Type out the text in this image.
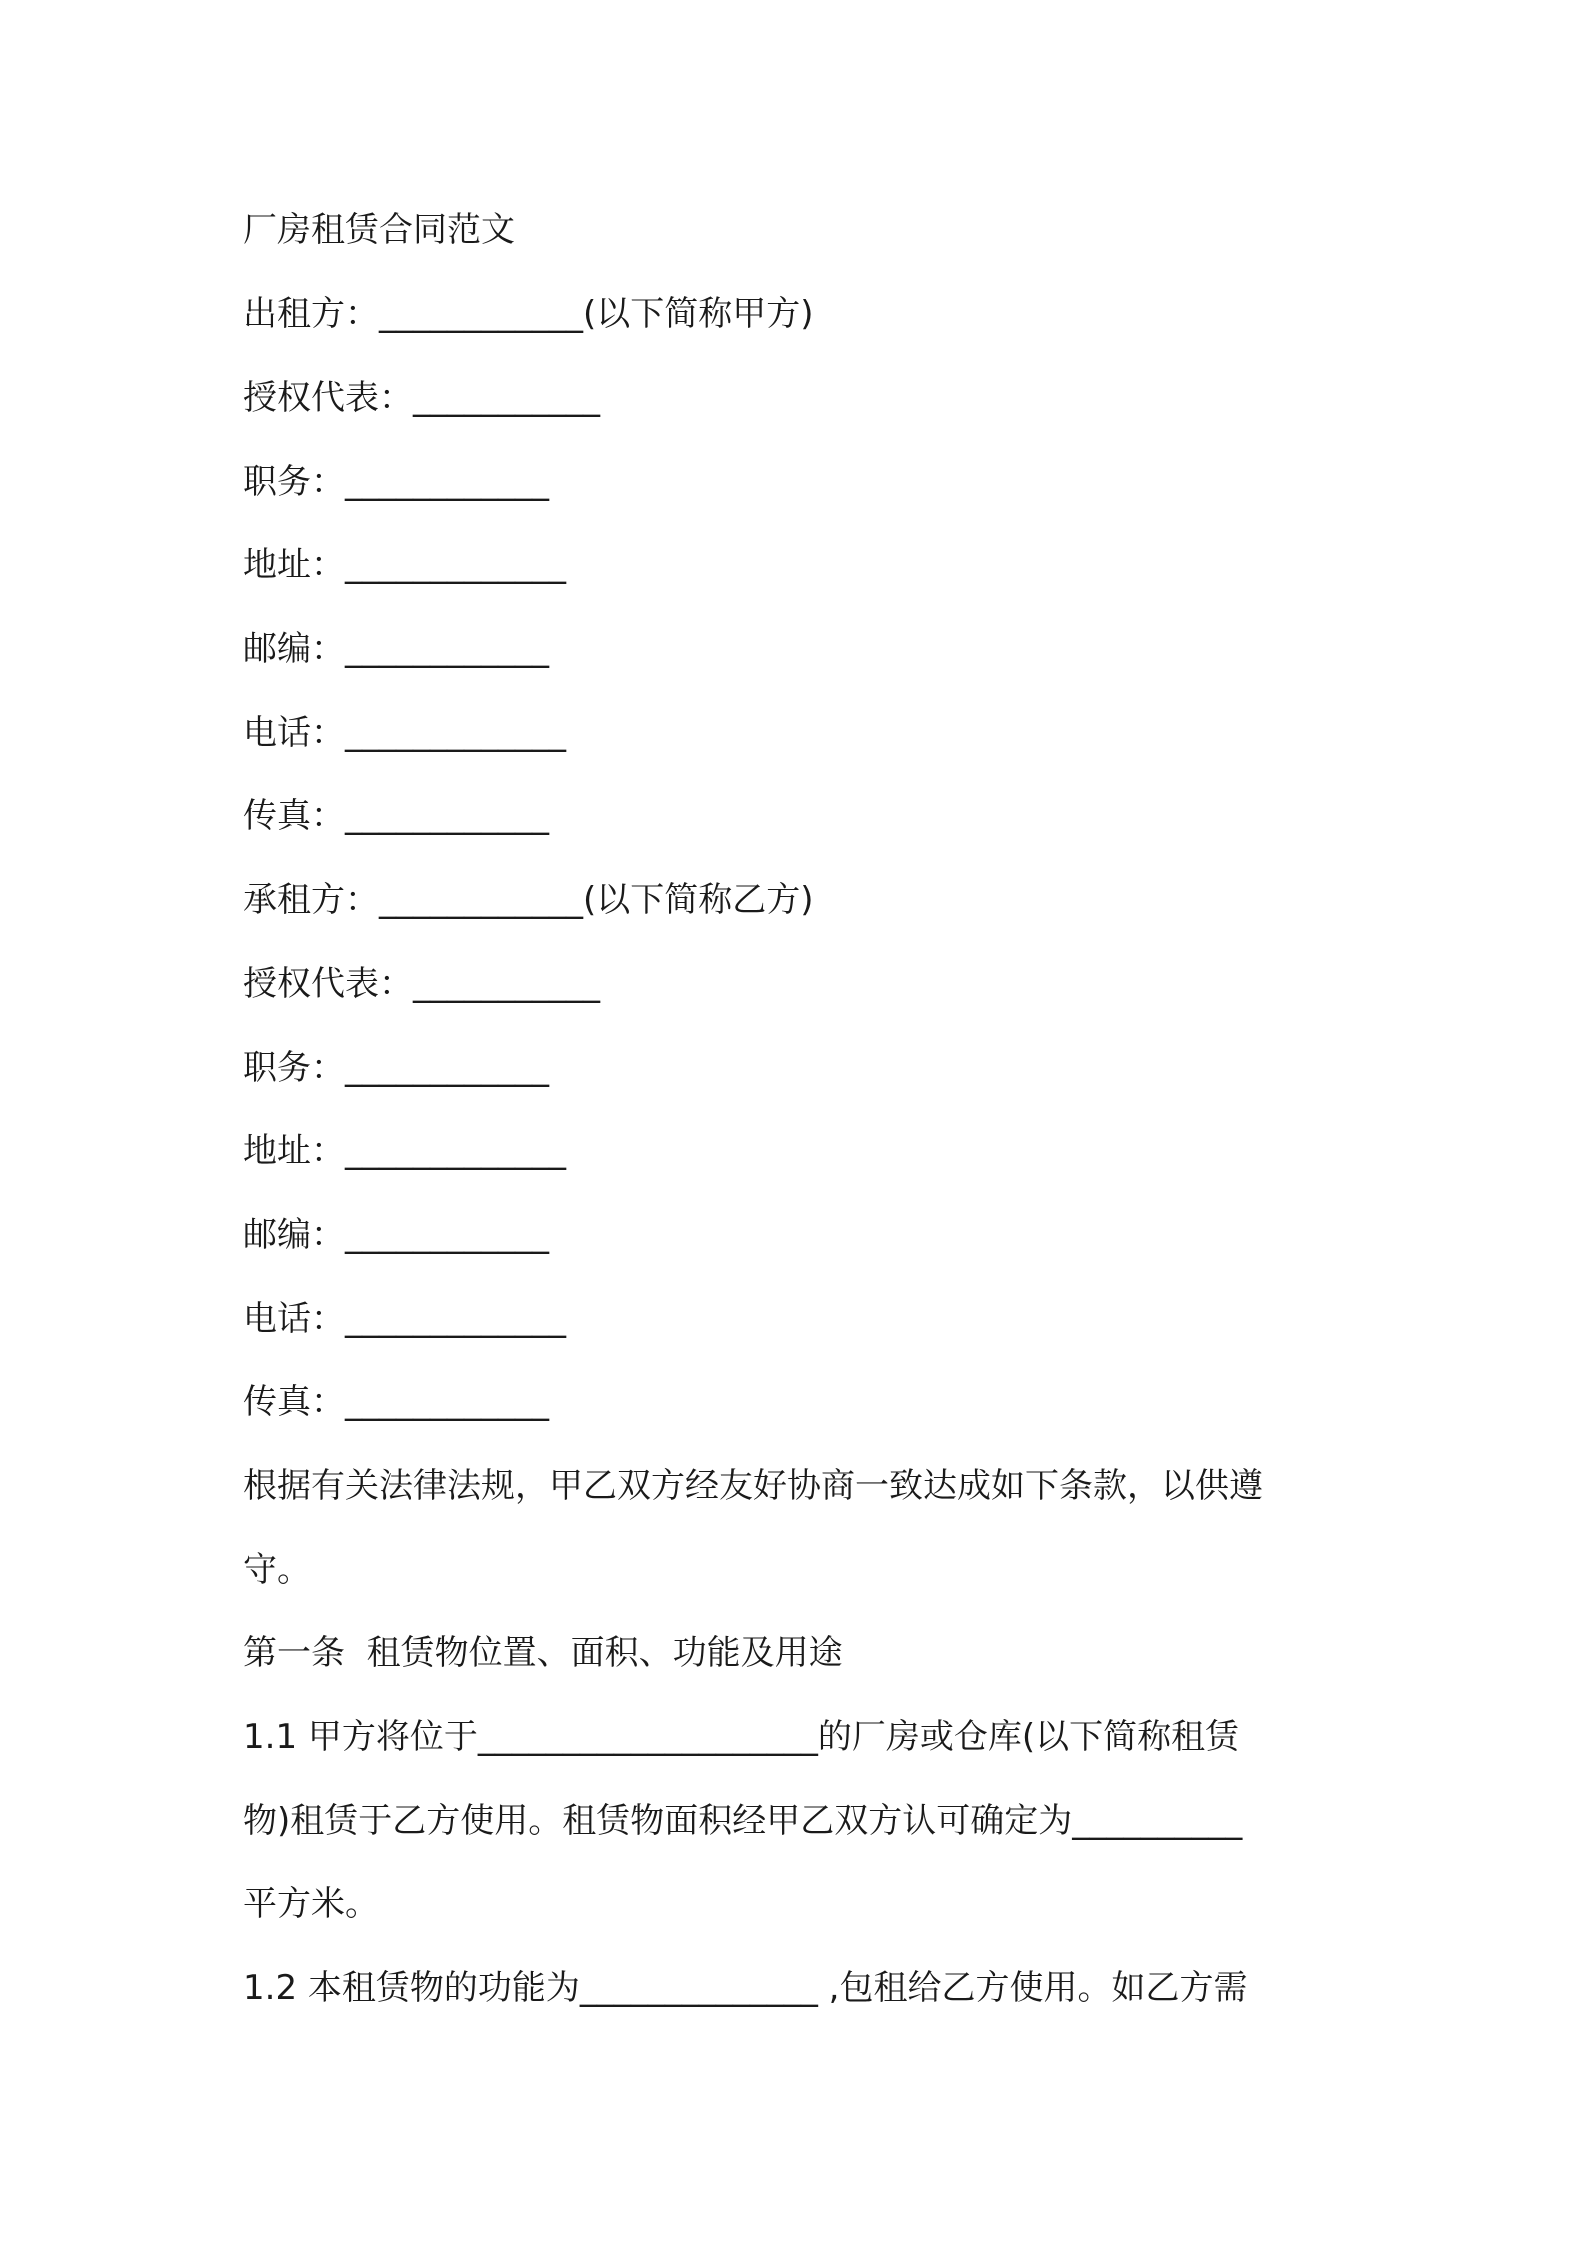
厂房租赁合同范文
出租方：____________(以下简称甲方)
授权代表：___________
职务：____________
地址：_____________
邮编：____________
电话：_____________
传真：____________
承租方：____________(以下简称乙方)
授权代表：___________
职务：____________
地址：_____________
邮编：____________
电话：_____________
传真：____________
根据有关法律法规，甲乙双方经友好协商一致达成如下条款，以供遵
守。
第一条  租赁物位置、面积、功能及用途
1.1 甲方将位于____________________的厂房或仓库(以下简称租赁
物)租赁于乙方使用。租赁物面积经甲乙双方认可确定为__________
平方米。
1.2 本租赁物的功能为______________ ,包租给乙方使用。如乙方需
